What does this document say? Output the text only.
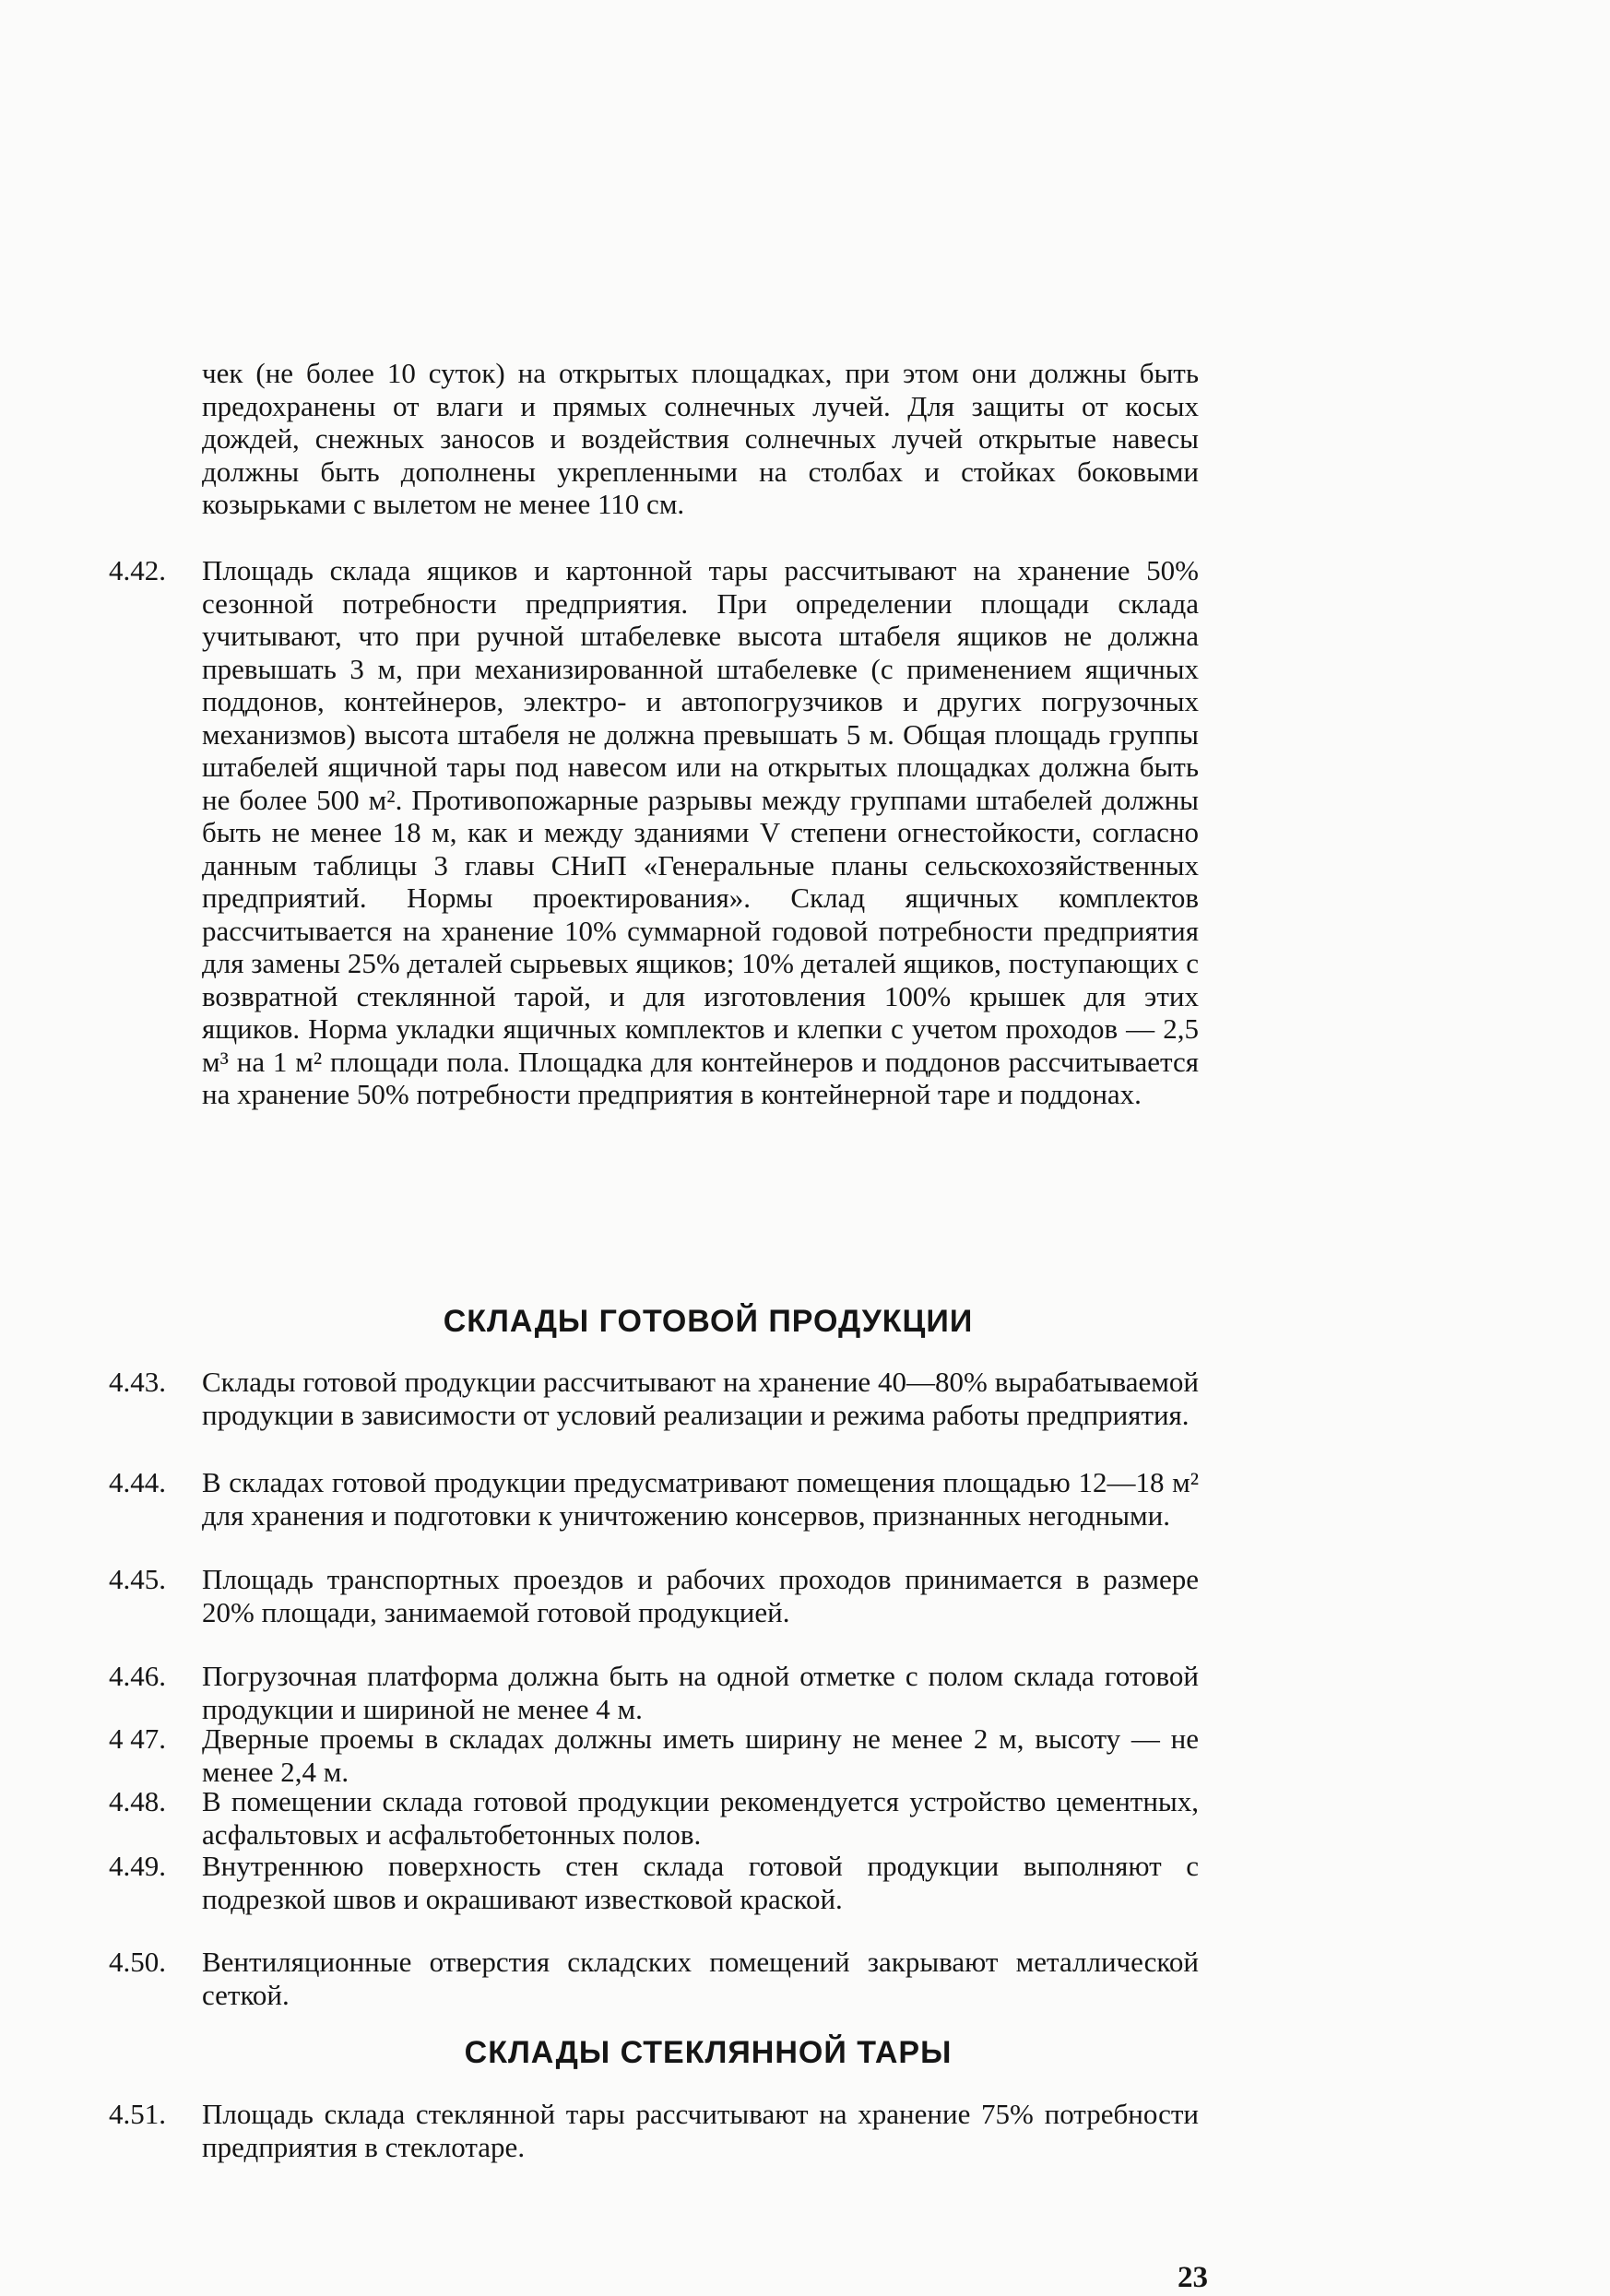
чек (не более 10 суток) на открытых площадках, при этом они должны быть предохранены от влаги и прямых солнечных лучей. Для защиты от косых дождей, снежных заносов и воздействия солнечных лучей открытые навесы должны быть дополнены укрепленными на столбах и стойках боковыми козырьками с вылетом не менее 110 см.
4.42.	Площадь склада ящиков и картонной тары рассчитывают на хранение 50% сезонной потребности предприятия. При определении площади склада учитывают, что при ручной штабелевке высота штабеля ящиков не должна превышать 3 м, при механизированной штабелевке (с применением ящичных поддонов, контейнеров, электро- и автопогрузчиков и других погрузочных механизмов) высота штабеля не должна превышать 5 м. Общая площадь группы штабелей ящичной тары под навесом или на открытых площадках должна быть не более 500 м². Противопожарные разрывы между группами штабелей должны быть не менее 18 м, как и между зданиями V степени огнестойкости, согласно данным таблицы 3 главы СНиП «Генеральные планы сельскохозяйственных предприятий. Нормы проектирования». Склад ящичных комплектов рассчитывается на хранение 10% суммарной годовой потребности предприятия для замены 25% деталей сырьевых ящиков; 10% деталей ящиков, поступающих с возвратной стеклянной тарой, и для изготовления 100% крышек для этих ящиков. Норма укладки ящичных комплектов и клепки с учетом проходов — 2,5 м³ на 1 м² площади пола. Площадка для контейнеров и поддонов рассчитывается на хранение 50% потребности предприятия в контейнерной таре и поддонах.
СКЛАДЫ ГОТОВОЙ ПРОДУКЦИИ
4.43.	Склады готовой продукции рассчитывают на хранение 40—80% вырабатываемой продукции в зависимости от условий реализации и режима работы предприятия.
4.44.	В складах готовой продукции предусматривают помещения площадью 12—18 м² для хранения и подготовки к уничтожению консервов, признанных негодными.
4.45.	Площадь транспортных проездов и рабочих проходов принимается в размере 20% площади, занимаемой готовой продукцией.
4.46.	Погрузочная платформа должна быть на одной отметке с полом склада готовой продукции и шириной не менее 4 м.
4 47.	Дверные проемы в складах должны иметь ширину не менее 2 м, высоту — не менее 2,4 м.
4.48.	В помещении склада готовой продукции рекомендуется устройство цементных, асфальтовых и асфальтобетонных полов.
4.49.	Внутреннюю поверхность стен склада готовой продукции выполняют с подрезкой швов и окрашивают известковой краской.
4.50.	Вентиляционные отверстия складских помещений закрывают металлической сеткой.
СКЛАДЫ СТЕКЛЯННОЙ ТАРЫ
4.51.	Площадь склада стеклянной тары рассчитывают на хранение 75% потребности предприятия в стеклотаре.
23
